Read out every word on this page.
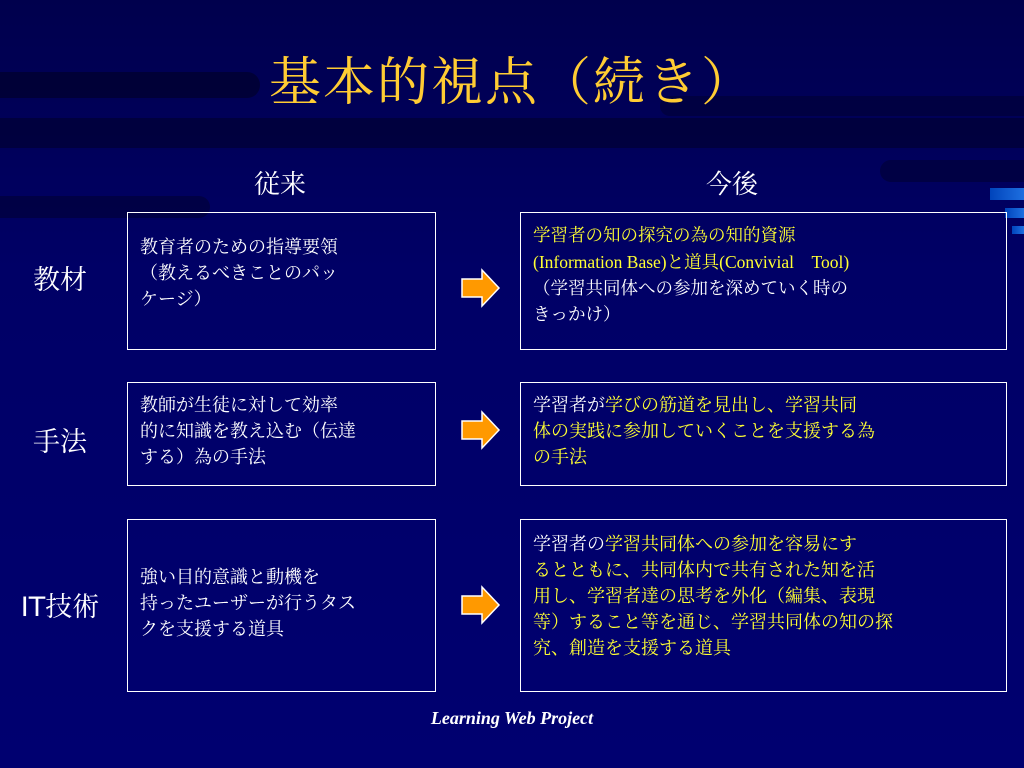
基本的視点（続き）
従来	今後
教材
教育者のための指導要領
（教えるべきことのパッ
ケージ）
学習者の知の探究の為の知的資源
(Information Base)と道具(Convivial　Tool)
（学習共同体への参加を深めていく時の
きっかけ）
手法
教師が生徒に対して効率
的に知識を教え込む（伝達
する）為の手法
学習者が学びの筋道を見出し、学習共同
体の実践に参加していくことを支援する為
の手法
IT技術
強い目的意識と動機を
持ったユーザーが行うタス
クを支援する道具
学習者の学習共同体への参加を容易にす
るとともに、共同体内で共有された知を活
用し、学習者達の思考を外化（編集、表現
等）すること等を通じ、学習共同体の知の探
究、創造を支援する道具
Learning Web Project
